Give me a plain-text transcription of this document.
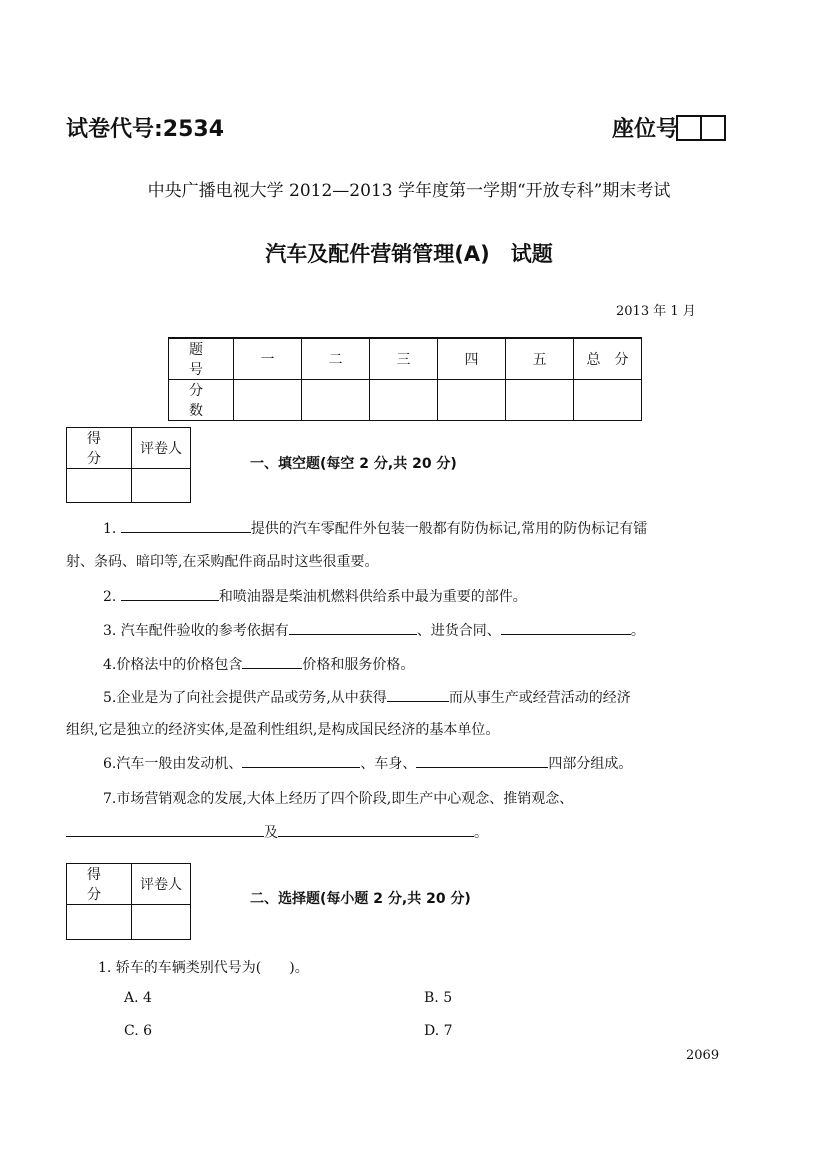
试卷代号:2534	座位号
中央广播电视大学 2012—2013 学年度第一学期“开放专科”期末考试
汽车及配件营销管理(A)　试题
2013 年 1 月
题　号	一	二	三	四	五	总　分
分　数						
得　分	评卷人

一、填空题(每空 2 分,共 20 分)
1.	提供的汽车零配件外包装一般都有防伪标记,常用的防伪标记有镭
射、条码、暗印等,在采购配件商品时这些很重要。
2.	和喷油器是柴油机燃料供给系中最为重要的部件。
3. 汽车配件验收的参考依据有	、进货合同、	。
4.价格法中的价格包含	价格和服务价格。
5.企业是为了向社会提供产品或劳务,从中获得	而从事生产或经营活动的经济
组织,它是独立的经济实体,是盈利性组织,是构成国民经济的基本单位。
6.汽车一般由发动机、	、车身、	四部分组成。
7.市场营销观念的发展,大体上经历了四个阶段,即生产中心观念、推销观念、
及	。
得　分	评卷人

二、选择题(每小题 2 分,共 20 分)
1. 轿车的车辆类别代号为(　　)。
A. 4	B. 5
C. 6	D. 7
2069
